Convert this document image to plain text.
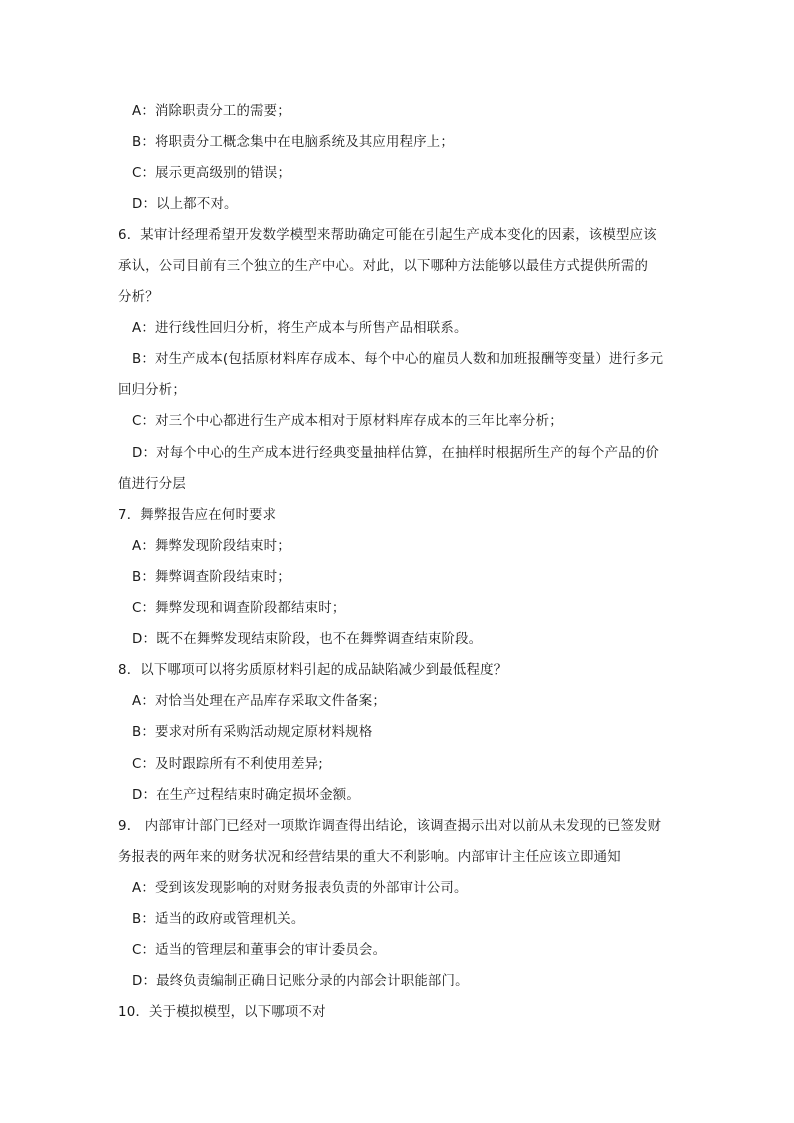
A：消除职责分工的需要；
B：将职责分工概念集中在电脑系统及其应用程序上；
C：展示更高级别的错误；
D：以上都不对。
6．某审计经理希望开发数学模型来帮助确定可能在引起生产成本变化的因素，该模型应该
承认，公司目前有三个独立的生产中心。对此，以下哪种方法能够以最佳方式提供所需的
分析？
A：进行线性回归分析，将生产成本与所售产品相联系。
B：对生产成本(包括原材料库存成本、每个中心的雇员人数和加班报酬等变量）进行多元
回归分析；
C：对三个中心都进行生产成本相对于原材料库存成本的三年比率分析；
D：对每个中心的生产成本进行经典变量抽样估算，在抽样时根据所生产的每个产品的价
值进行分层
7．舞弊报告应在何时要求
A：舞弊发现阶段结束时；
B：舞弊调查阶段结束时；
C：舞弊发现和调查阶段都结束时；
D：既不在舞弊发现结束阶段，也不在舞弊调查结束阶段。
8．以下哪项可以将劣质原材料引起的成品缺陷减少到最低程度？
A：对恰当处理在产品库存采取文件备案；
B：要求对所有采购活动规定原材料规格
C：及时跟踪所有不利使用差异;
D：在生产过程结束时确定损坏金额。
9． 内部审计部门已经对一项欺诈调查得出结论，该调查揭示出对以前从未发现的已签发财
务报表的两年来的财务状况和经营结果的重大不利影响。内部审计主任应该立即通知
A：受到该发现影响的对财务报表负责的外部审计公司。
B：适当的政府或管理机关。
C：适当的管理层和董事会的审计委员会。
D：最终负责编制正确日记账分录的内部会计职能部门。
10．关于模拟模型，以下哪项不对
